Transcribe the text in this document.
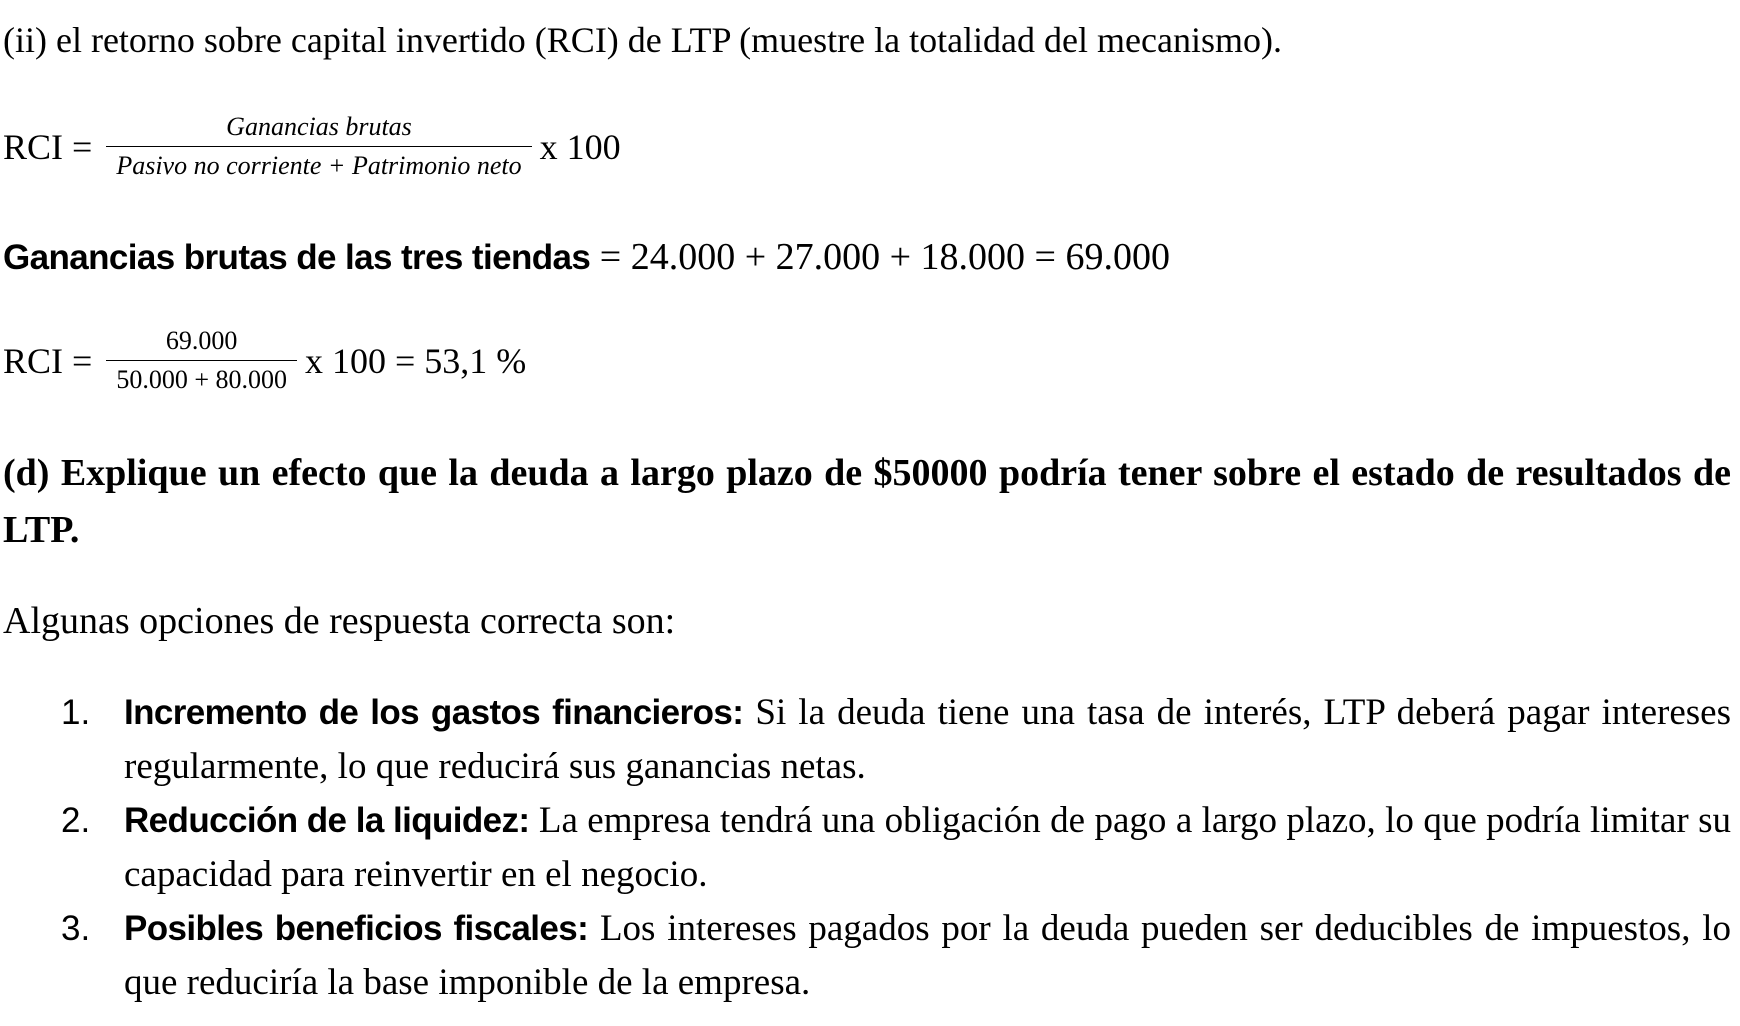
(ii) el retorno sobre capital invertido (RCI) de LTP (muestre la totalidad del mecanismo).
RCI = $\frac{\text{Ganancias brutas}}{\text{Pasivo no corriente + Patrimonio neto}}$ x 100
Ganancias brutas de las tres tiendas = 24.000 + 27.000 + 18.000 = 69.000
RCI = $\frac{69.000}{50.000 + 80.000}$ x 100 = 53,1 %
(d) Explique un efecto que la deuda a largo plazo de $50000 podría tener sobre el estado de resultados de LTP.
Algunas opciones de respuesta correcta son:
1. Incremento de los gastos financieros: Si la deuda tiene una tasa de interés, LTP deberá pagar intereses regularmente, lo que reducirá sus ganancias netas.
2. Reducción de la liquidez: La empresa tendrá una obligación de pago a largo plazo, lo que podría limitar su capacidad para reinvertir en el negocio.
3. Posibles beneficios fiscales: Los intereses pagados por la deuda pueden ser deducibles de impuestos, lo que reduciría la base imponible de la empresa.
